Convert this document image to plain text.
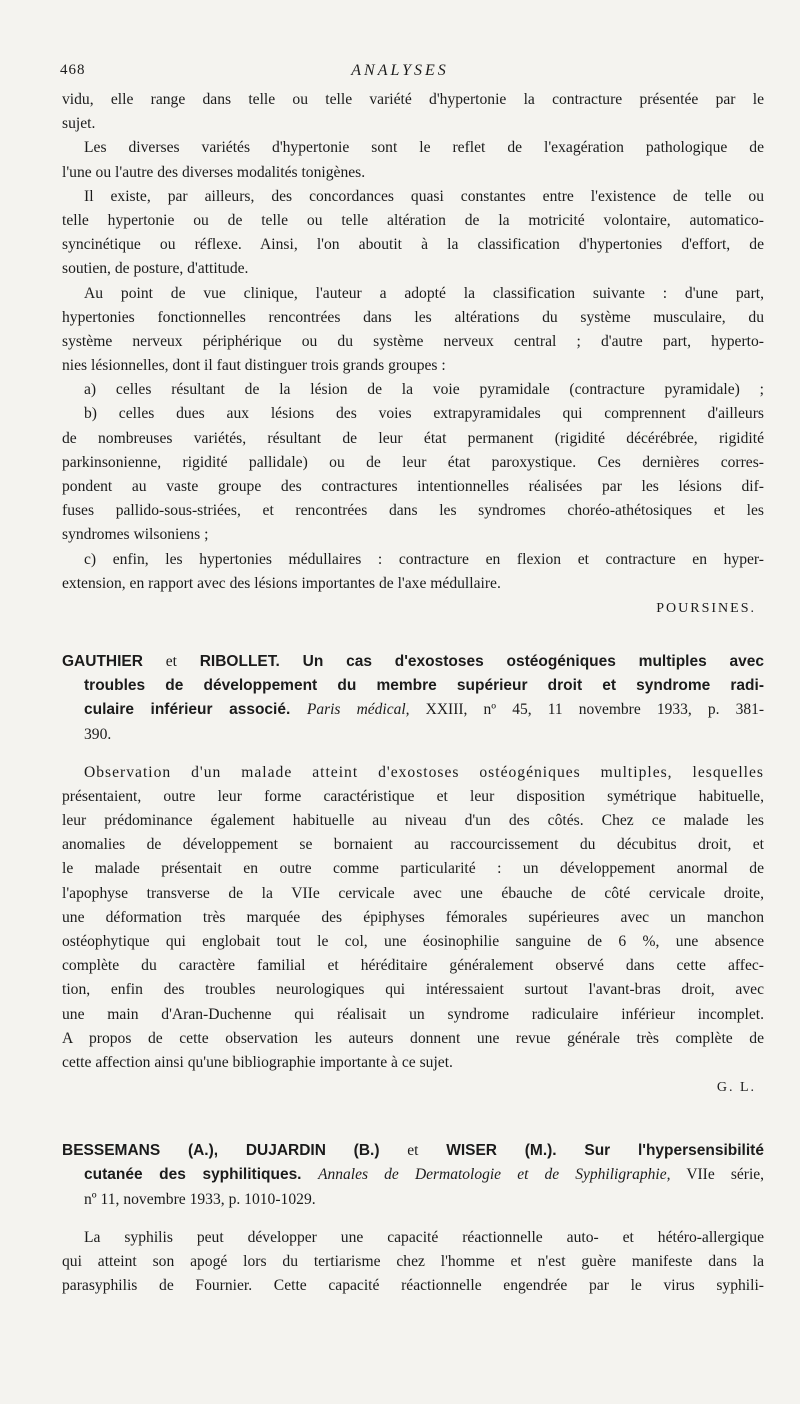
468	ANALYSES
vidu, elle range dans telle ou telle variété d'hypertonie la contracture présentée par le
sujet.
Les diverses variétés d'hypertonie sont le reflet de l'exagération pathologique de
l'une ou l'autre des diverses modalités tonigènes.
Il existe, par ailleurs, des concordances quasi constantes entre l'existence de telle ou
telle hypertonie ou de telle ou telle altération de la motricité volontaire, automatico-
syncinétique ou réflexe. Ainsi, l'on aboutit à la classification d'hypertonies d'effort, de
soutien, de posture, d'attitude.
Au point de vue clinique, l'auteur a adopté la classification suivante : d'une part,
hypertonies fonctionnelles rencontrées dans les altérations du système musculaire, du
système nerveux périphérique ou du système nerveux central ; d'autre part, hyperto-
nies lésionnelles, dont il faut distinguer trois grands groupes :
a) celles résultant de la lésion de la voie pyramidale (contracture pyramidale) ;
b) celles dues aux lésions des voies extrapyramidales qui comprennent d'ailleurs
de nombreuses variétés, résultant de leur état permanent (rigidité décérébrée, rigidité
parkinsonienne, rigidité pallidale) ou de leur état paroxystique. Ces dernières corres-
pondent au vaste groupe des contractures intentionnelles réalisées par les lésions dif-
fuses pallido-sous-striées, et rencontrées dans les syndromes choréo-athétosiques et les
syndromes wilsoniens ;
c) enfin, les hypertonies médullaires : contracture en flexion et contracture en hyper-
extension, en rapport avec des lésions importantes de l'axe médullaire.
POURSINES.
GAUTHIER et RIBOLLET. Un cas d'exostoses ostéogéniques multiples avec
troubles de développement du membre supérieur droit et syndrome radi-
culaire inférieur associé. Paris médical, XXIII, nº 45, 11 novembre 1933, p. 381-
390.
Observation d'un malade atteint d'exostoses ostéogéniques multiples, lesquelles
présentaient, outre leur forme caractéristique et leur disposition symétrique habituelle,
leur prédominance également habituelle au niveau d'un des côtés. Chez ce malade les
anomalies de développement se bornaient au raccourcissement du décubitus droit, et
le malade présentait en outre comme particularité : un développement anormal de
l'apophyse transverse de la VIIe cervicale avec une ébauche de côté cervicale droite,
une déformation très marquée des épiphyses fémorales supérieures avec un manchon
ostéophytique qui englobait tout le col, une éosinophilie sanguine de 6 %, une absence
complète du caractère familial et héréditaire généralement observé dans cette affec-
tion, enfin des troubles neurologiques qui intéressaient surtout l'avant-bras droit, avec
une main d'Aran-Duchenne qui réalisait un syndrome radiculaire inférieur incomplet.
A propos de cette observation les auteurs donnent une revue générale très complète de
cette affection ainsi qu'une bibliographie importante à ce sujet.
G. L.
BESSEMANS (A.), DUJARDIN (B.) et WISER (M.). Sur l'hypersensibilité
cutanée des syphilitiques. Annales de Dermatologie et de Syphiligraphie, VIIe série,
nº 11, novembre 1933, p. 1010-1029.
La syphilis peut développer une capacité réactionnelle auto- et hétéro-allergique
qui atteint son apogé lors du tertiarisme chez l'homme et n'est guère manifeste dans la
parasyphilis de Fournier. Cette capacité réactionnelle engendrée par le virus syphili-
